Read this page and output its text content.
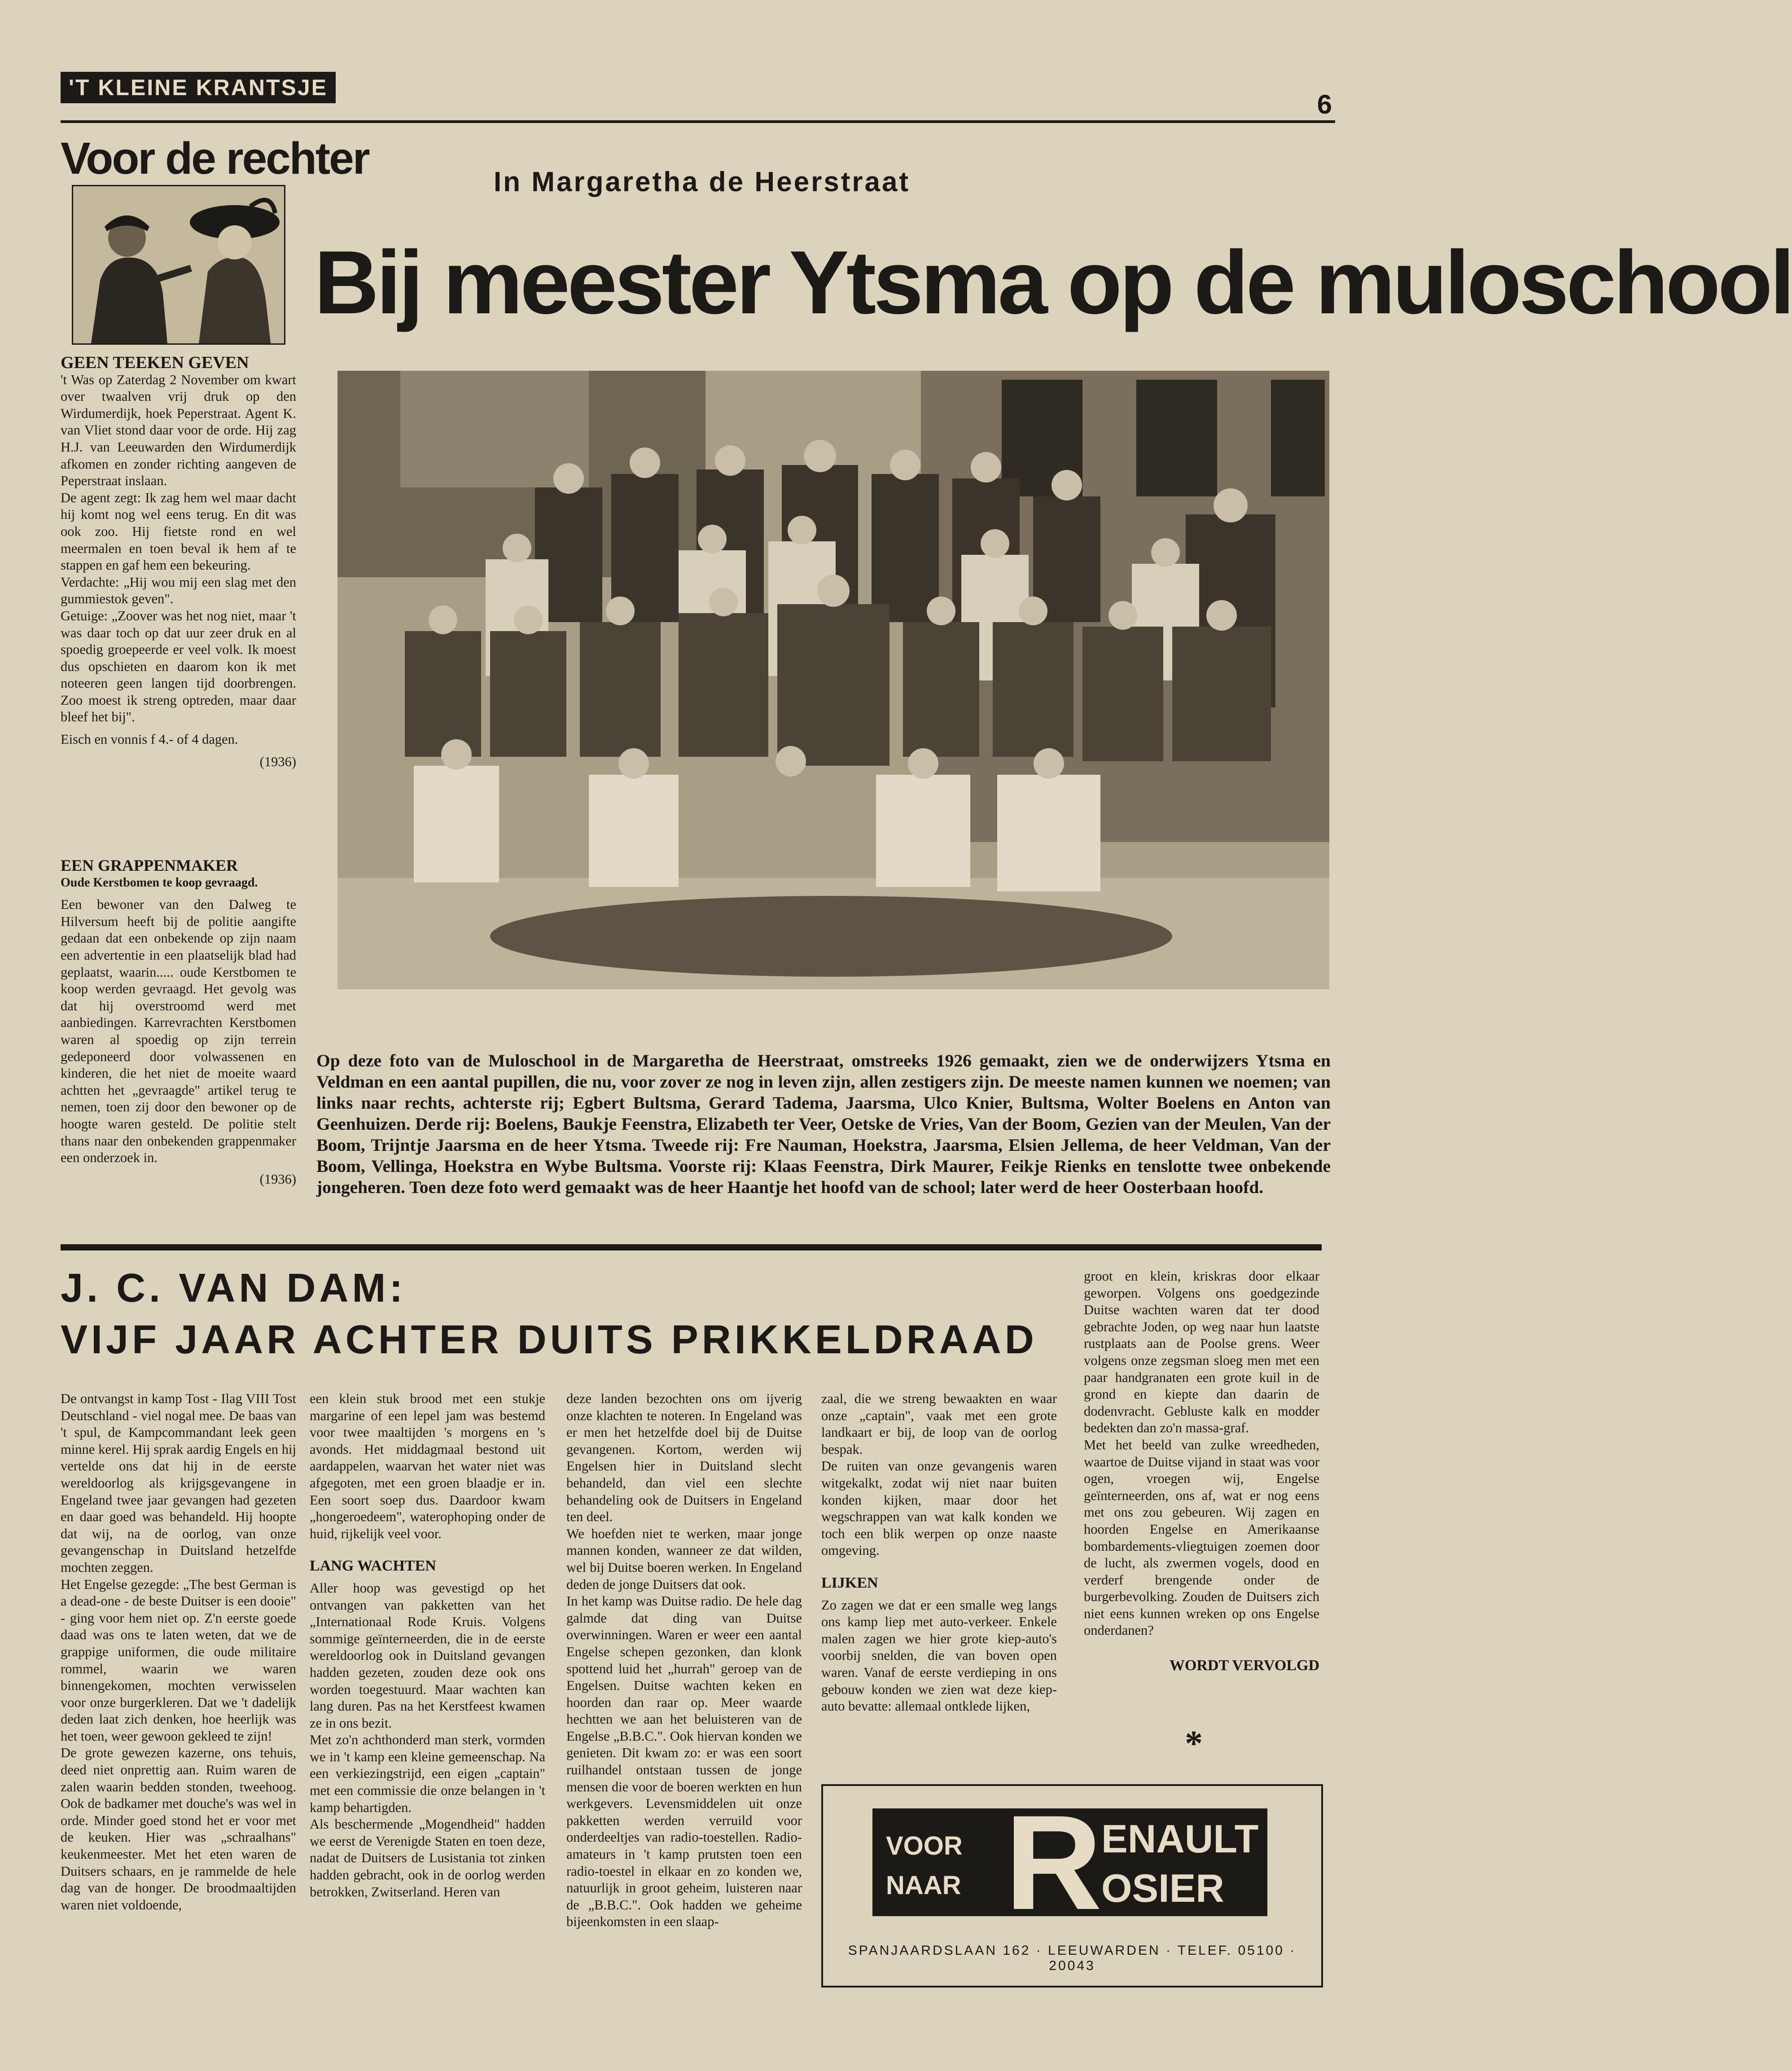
'T KLEINE KRANTSJE
6
Voor de rechter

GEEN TEEKEN GEVEN

't Was op Zaterdag 2 November om kwart over twaalven vrij druk op den Wirdumerdijk, hoek Peperstraat. Agent K. van Vliet stond daar voor de orde. Hij zag H.J. van Leeuwarden den Wirdumerdijk afkomen en zonder richting aangeven de Peperstraat inslaan.

De agent zegt: Ik zag hem wel maar dacht hij komt nog wel eens terug. En dit was ook zoo. Hij fietste rond en wel meermalen en toen beval ik hem af te stappen en gaf hem een bekeuring.

Verdachte: „Hij wou mij een slag met den gummiestok geven".

Getuige: „Zoover was het nog niet, maar 't was daar toch op dat uur zeer druk en al spoedig groepeerde er veel volk. Ik moest dus opschieten en daarom kon ik met noteeren geen langen tijd doorbrengen. Zoo moest ik streng optreden, maar daar bleef het bij".

Eisch en vonnis f 4.- of 4 dagen.

(1936)

EEN GRAPPENMAKER

Oude Kerstbomen te koop gevraagd.

Een bewoner van den Dalweg te Hilversum heeft bij de politie aangifte gedaan dat een onbekende op zijn naam een advertentie in een plaatselijk blad had geplaatst, waarin..... oude Kerstbomen te koop werden gevraagd. Het gevolg was dat hij overstroomd werd met aanbiedingen. Karrevrachten Kerstbomen waren al spoedig op zijn terrein gedeponeerd door volwassenen en kinderen, die het niet de moeite waard achtten het „gevraagde" artikel terug te nemen, toen zij door den bewoner op de hoogte waren gesteld. De politie stelt thans naar den onbekenden grappenmaker een onderzoek in.

(1936)

In Margaretha de Heerstraat
Bij meester Ytsma op de muloschool
Op deze foto van de Muloschool in de Margaretha de Heerstraat, omstreeks 1926 gemaakt, zien we de onderwijzers Ytsma en Veldman en een aantal pupillen, die nu, voor zover ze nog in leven zijn, allen zestigers zijn. De meeste namen kunnen we noemen; van links naar rechts, achterste rij; Egbert Bultsma, Gerard Tadema, Jaarsma, Ulco Knier, Bultsma, Wolter Boelens en Anton van Geenhuizen. Derde rij: Boelens, Baukje Feenstra, Elizabeth ter Veer, Oetske de Vries, Van der Boom, Gezien van der Meulen, Van der Boom, Trijntje Jaarsma en de heer Ytsma. Tweede rij: Fre Nauman, Hoekstra, Jaarsma, Elsien Jellema, de heer Veldman, Van der Boom, Vellinga, Hoekstra en Wybe Bultsma. Voorste rij: Klaas Feenstra, Dirk Maurer, Feikje Rienks en tenslotte twee onbekende jongeheren. Toen deze foto werd gemaakt was de heer Haantje het hoofd van de school; later werd de heer Oosterbaan hoofd.
J. C. VAN DAM:
VIJF JAAR ACHTER DUITS PRIKKELDRAAD

De ontvangst in kamp Tost - Ilag VIII Tost Deutschland - viel nogal mee. De baas van 't spul, de Kampcommandant leek geen minne kerel. Hij sprak aardig Engels en hij vertelde ons dat hij in de eerste wereldoorlog als krijgsgevangene in Engeland twee jaar gevangen had gezeten en daar goed was behandeld. Hij hoopte dat wij, na de oorlog, van onze gevangenschap in Duitsland hetzelfde mochten zeggen.

Het Engelse gezegde: „The best German is a dead-one - de beste Duitser is een dooie" - ging voor hem niet op. Z'n eerste goede daad was ons te laten weten, dat we de grappige uniformen, die oude militaire rommel, waarin we waren binnengekomen, mochten verwisselen voor onze burgerkleren. Dat we 't dadelijk deden laat zich denken, hoe heerlijk was het toen, weer gewoon gekleed te zijn!

De grote gewezen kazerne, ons tehuis, deed niet onprettig aan. Ruim waren de zalen waarin bedden stonden, tweehoog. Ook de badkamer met douche's was wel in orde. Minder goed stond het er voor met de keuken. Hier was „schraalhans" keukenmeester. Met het eten waren de Duitsers schaars, en je rammelde de hele dag van de honger. De broodmaaltijden waren niet voldoende,

een klein stuk brood met een stukje margarine of een lepel jam was bestemd voor twee maaltijden 's morgens en 's avonds. Het middagmaal bestond uit aardappelen, waarvan het water niet was afgegoten, met een groen blaadje er in. Een soort soep dus. Daardoor kwam „hongeroedeem", waterophoping onder de huid, rijkelijk veel voor.

LANG WACHTEN

Aller hoop was gevestigd op het ontvangen van pakketten van het „Internationaal Rode Kruis. Volgens sommige geïnterneerden, die in de eerste wereldoorlog ook in Duitsland gevangen hadden gezeten, zouden deze ook ons worden toegestuurd. Maar wachten kan lang duren. Pas na het Kerstfeest kwamen ze in ons bezit.

Met zo'n achthonderd man sterk, vormden we in 't kamp een kleine gemeenschap. Na een verkiezingstrijd, een eigen „captain" met een commissie die onze belangen in 't kamp behartigden.

Als beschermende „Mogendheid" hadden we eerst de Verenigde Staten en toen deze, nadat de Duitsers de Lusistania tot zinken hadden gebracht, ook in de oorlog werden betrokken, Zwitserland. Heren van

deze landen bezochten ons om ijverig onze klachten te noteren. In Engeland was er men het hetzelfde doel bij de Duitse gevangenen. Kortom, werden wij Engelsen hier in Duitsland slecht behandeld, dan viel een slechte behandeling ook de Duitsers in Engeland ten deel.

We hoefden niet te werken, maar jonge mannen konden, wanneer ze dat wilden, wel bij Duitse boeren werken. In Engeland deden de jonge Duitsers dat ook.

In het kamp was Duitse radio. De hele dag galmde dat ding van Duitse overwinningen. Waren er weer een aantal Engelse schepen gezonken, dan klonk spottend luid het „hurrah" geroep van de Engelsen. Duitse wachten keken en hoorden dan raar op. Meer waarde hechtten we aan het beluisteren van de Engelse „B.B.C.". Ook hiervan konden we genieten. Dit kwam zo: er was een soort ruilhandel ontstaan tussen de jonge mensen die voor de boeren werkten en hun werkgevers. Levensmiddelen uit onze pakketten werden verruild voor onderdeeltjes van radio-toestellen. Radio-amateurs in 't kamp prutsten toen een radio-toestel in elkaar en zo konden we, natuurlijk in groot geheim, luisteren naar de „B.B.C.". Ook hadden we geheime bijeenkomsten in een slaap-

zaal, die we streng bewaakten en waar onze „captain", vaak met een grote landkaart er bij, de loop van de oorlog bespak.

De ruiten van onze gevangenis waren witgekalkt, zodat wij niet naar buiten konden kijken, maar door het wegschrappen van wat kalk konden we toch een blik werpen op onze naaste omgeving.

LIJKEN

Zo zagen we dat er een smalle weg langs ons kamp liep met auto-verkeer. Enkele malen zagen we hier grote kiep-auto's voorbij snelden, die van boven open waren. Vanaf de eerste verdieping in ons gebouw konden we zien wat deze kiep-auto bevatte: allemaal ontklede lijken,

groot en klein, kriskras door elkaar geworpen. Volgens ons goedgezinde Duitse wachten waren dat ter dood gebrachte Joden, op weg naar hun laatste rustplaats aan de Poolse grens. Weer volgens onze zegsman sloeg men met een paar handgranaten een grote kuil in de grond en kiepte dan daarin de dodenvracht. Gebluste kalk en modder bedekten dan zo'n massa-graf.

Met het beeld van zulke wreedheden, waartoe de Duitse vijand in staat was voor ogen, vroegen wij, Engelse geïnterneerden, ons af, wat er nog eens met ons zou gebeuren. Wij zagen en hoorden Engelse en Amerikaanse bombardements-vliegtuigen zoemen door de lucht, als zwermen vogels, dood en verderf brengende onder de burgerbevolking. Zouden de Duitsers zich niet eens kunnen wreken op ons Engelse onderdanen?

WORDT VERVOLGD

*
VOOR
NAAR R
ENAULT
OSIER
SPANJAARDSLAAN 162 · LEEUWARDEN · TELEF. 05100 · 20043
